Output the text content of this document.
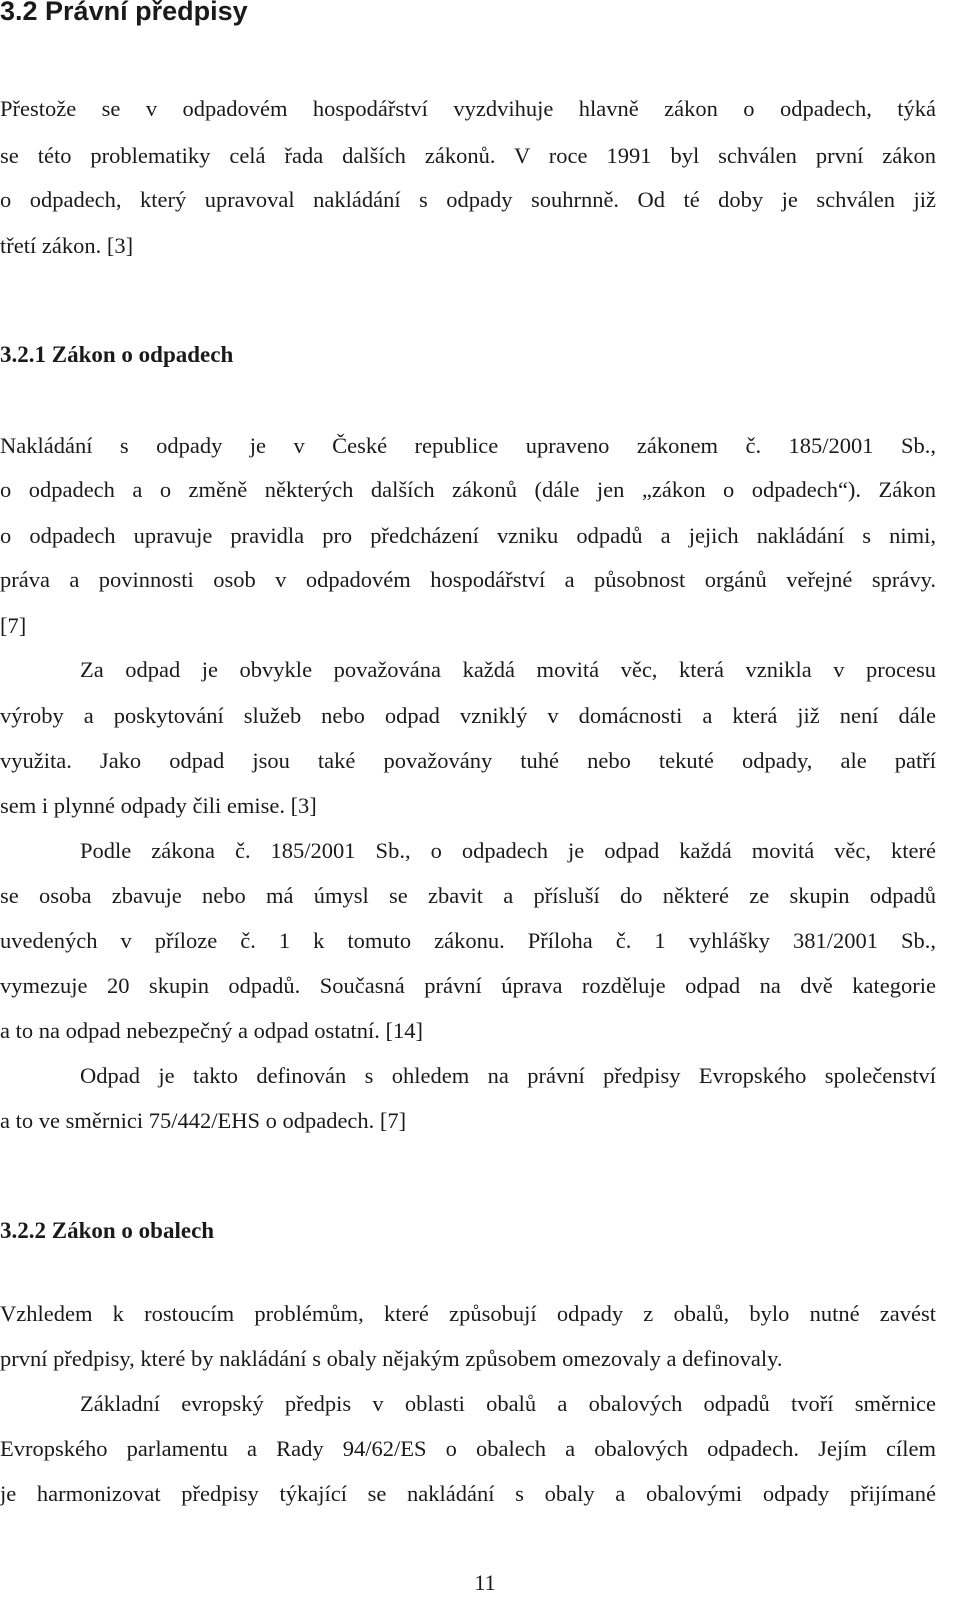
3.2 Právní předpisy
Přestože se v odpadovém hospodářství vyzdvihuje hlavně zákon o odpadech, týká
se této problematiky celá řada dalších zákonů. V roce 1991 byl schválen první zákon
o odpadech, který upravoval nakládání s odpady souhrnně. Od té doby je schválen již
třetí zákon. [3]
3.2.1 Zákon o odpadech
Nakládání s odpady je v České republice upraveno zákonem č. 185/2001 Sb.,
o odpadech a o změně některých dalších zákonů (dále jen „zákon o odpadech“). Zákon
o odpadech upravuje pravidla pro předcházení vzniku odpadů a jejich nakládání s nimi,
práva a povinnosti osob v odpadovém hospodářství a působnost orgánů veřejné správy.
[7]
Za odpad je obvykle považována každá movitá věc, která vznikla v procesu
výroby a poskytování služeb nebo odpad vzniklý v domácnosti a která již není dále
využita. Jako odpad jsou také považovány tuhé nebo tekuté odpady, ale patří
sem i plynné odpady čili emise. [3]
Podle zákona č. 185/2001 Sb., o odpadech je odpad každá movitá věc, které
se osoba zbavuje nebo má úmysl se zbavit a přísluší do některé ze skupin odpadů
uvedených v příloze č. 1 k tomuto zákonu. Příloha č. 1 vyhlášky 381/2001 Sb.,
vymezuje 20 skupin odpadů. Současná právní úprava rozděluje odpad na dvě kategorie
a to na odpad nebezpečný a odpad ostatní. [14]
Odpad je takto definován s ohledem na právní předpisy Evropského společenství
a to ve směrnici 75/442/EHS o odpadech. [7]
3.2.2 Zákon o obalech
Vzhledem k rostoucím problémům, které způsobují odpady z obalů, bylo nutné zavést
první předpisy, které by nakládání s obaly nějakým způsobem omezovaly a definovaly.
Základní evropský předpis v oblasti obalů a obalových odpadů tvoří směrnice
Evropského parlamentu a Rady 94/62/ES o obalech a obalových odpadech. Jejím cílem
je harmonizovat předpisy týkající se nakládání s obaly a obalovými odpady přijímané
11
